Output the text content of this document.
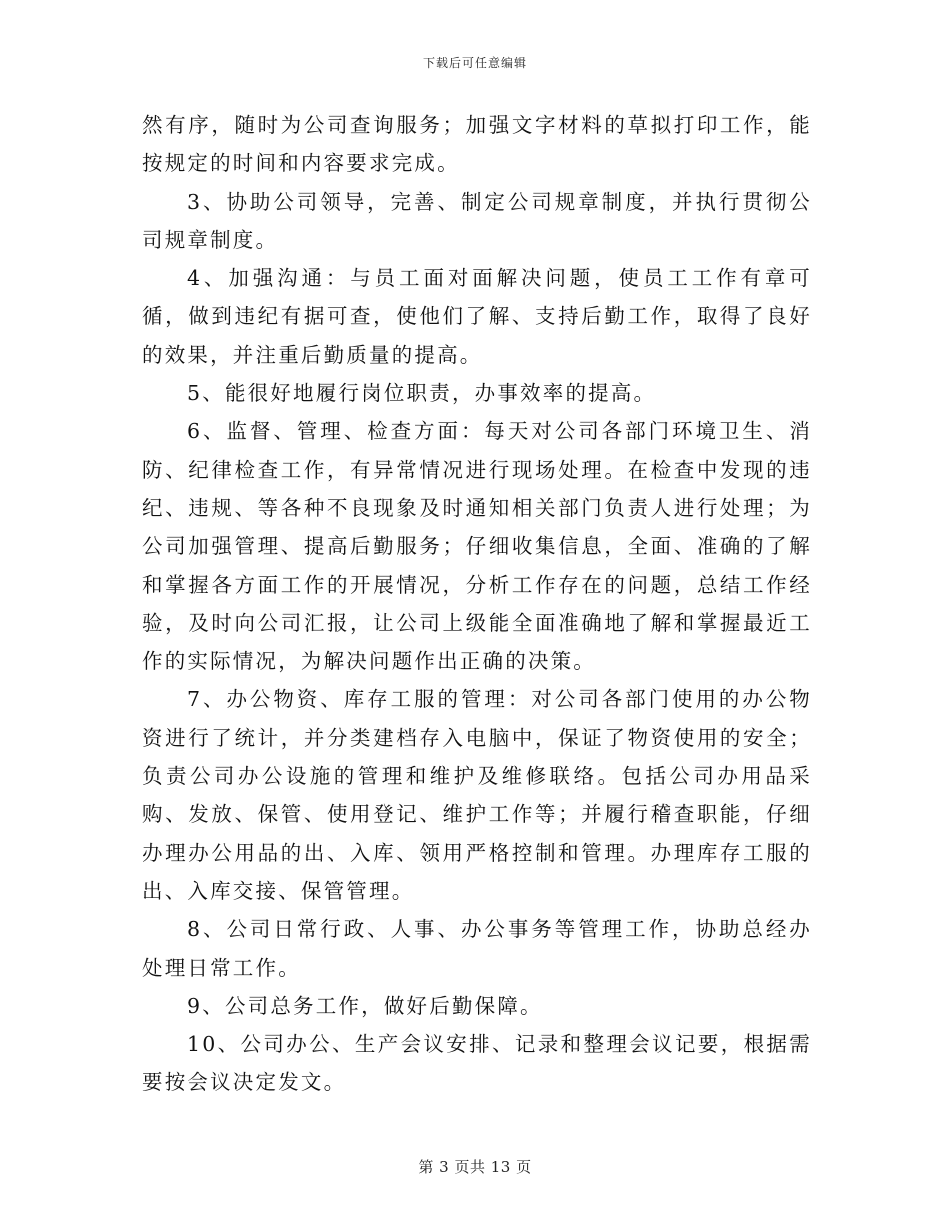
下载后可任意编辑

然有序，随时为公司查询服务；加强文字材料的草拟打印工作，能按规定的时间和内容要求完成。

3、协助公司领导，完善、制定公司规章制度，并执行贯彻公司规章制度。

4、加强沟通：与员工面对面解决问题，使员工工作有章可循，做到违纪有据可查，使他们了解、支持后勤工作，取得了良好的效果，并注重后勤质量的提高。

5、能很好地履行岗位职责，办事效率的提高。

6、监督、管理、检查方面：每天对公司各部门环境卫生、消防、纪律检查工作，有异常情况进行现场处理。在检查中发现的违纪、违规、等各种不良现象及时通知相关部门负责人进行处理；为公司加强管理、提高后勤服务；仔细收集信息，全面、准确的了解和掌握各方面工作的开展情况，分析工作存在的问题，总结工作经验，及时向公司汇报，让公司上级能全面准确地了解和掌握最近工作的实际情况，为解决问题作出正确的决策。

7、办公物资、库存工服的管理：对公司各部门使用的办公物资进行了统计，并分类建档存入电脑中，保证了物资使用的安全；负责公司办公设施的管理和维护及维修联络。包括公司办用品采购、发放、保管、使用登记、维护工作等；并履行稽查职能，仔细办理办公用品的出、入库、领用严格控制和管理。办理库存工服的出、入库交接、保管管理。

8、公司日常行政、人事、办公事务等管理工作，协助总经办处理日常工作。

9、公司总务工作，做好后勤保障。

10、公司办公、生产会议安排、记录和整理会议记要，根据需要按会议决定发文。

第 3 页共 13 页
